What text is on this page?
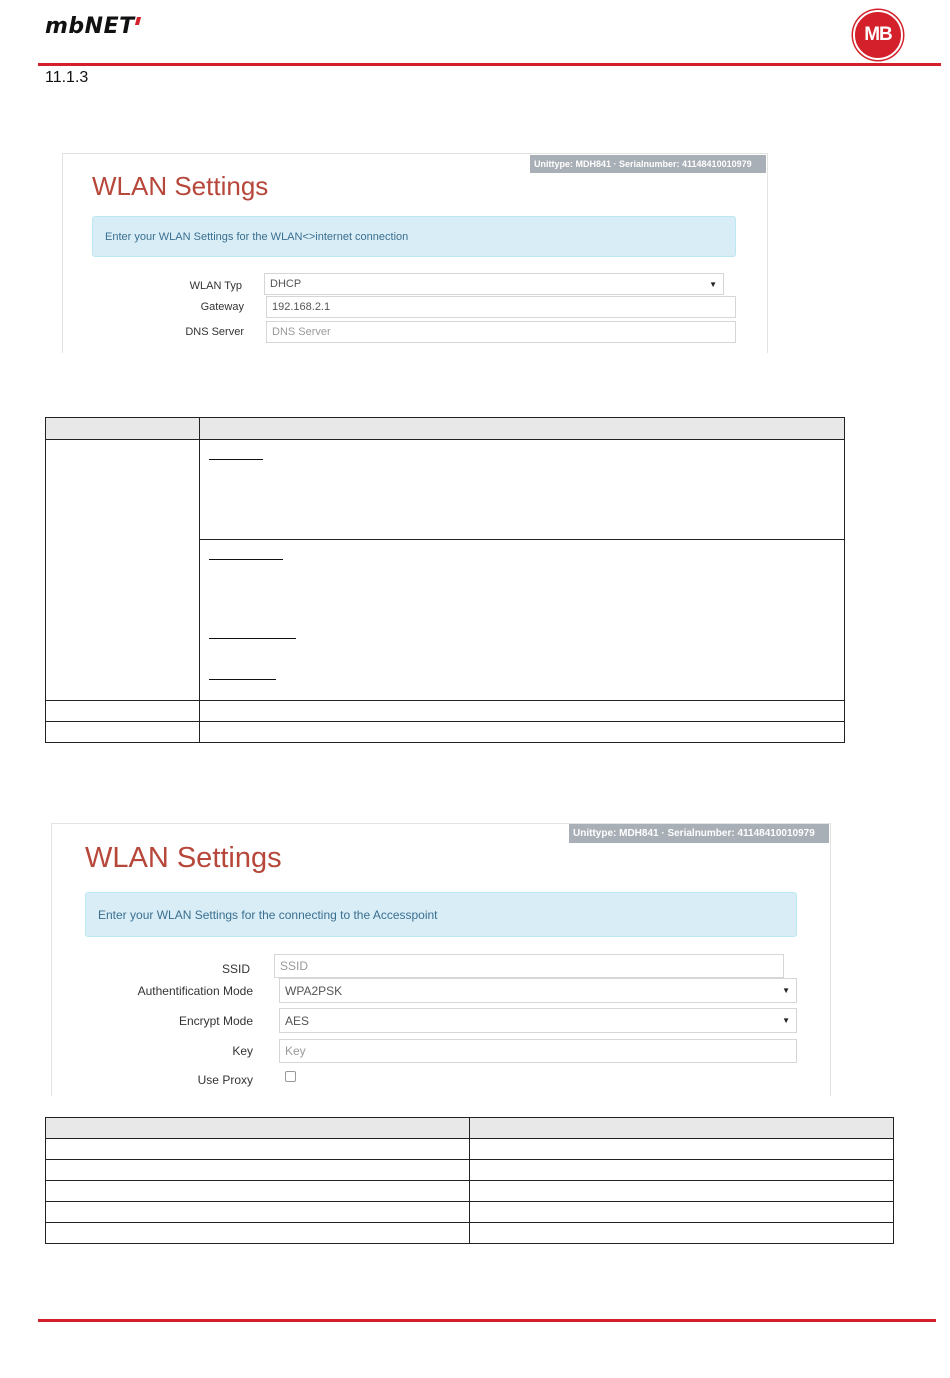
mbNET	MB
11.1.3
Unittype: MDH841 · Serialnumber: 41148410010979
WLAN Settings
Enter your WLAN Settings for the WLAN<>internet connection
WLAN Typ	DHCP	▼
Gateway	192.168.2.1
DNS Server	DNS Server

Unittype: MDH841 · Serialnumber: 41148410010979
WLAN Settings
Enter your WLAN Settings for the connecting to the Accesspoint
SSID	SSID
Authentification Mode	WPA2PSK	▼
Encrypt Mode	AES	▼
Key	Key
Use Proxy
